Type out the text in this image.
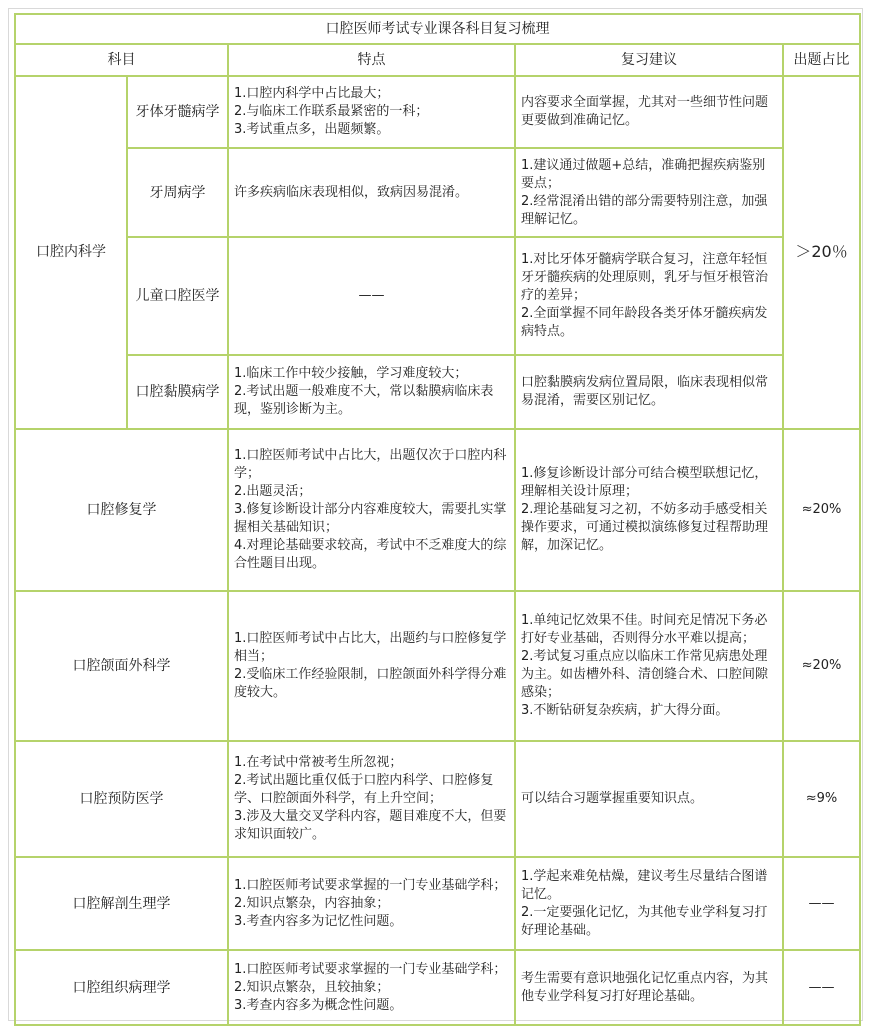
口腔医师考试专业课各科目复习梳理				
科目		特点	复习建议	出题占比
口腔内科学	牙体牙髓病学	1.口腔内科学中占比最大；
2.与临床工作联系最紧密的一科；
3.考试重点多，出题频繁。	内容要求全面掌握，尤其对一些细节性问题更要做到准确记忆。	＞20％
	牙周病学	许多疾病临床表现相似，致病因易混淆。	1.建议通过做题+总结，准确把握疾病鉴别要点；
2.经常混淆出错的部分需要特别注意，加强理解记忆。	
	儿童口腔医学	——	1.对比牙体牙髓病学联合复习，注意年轻恒牙牙髓疾病的处理原则，乳牙与恒牙根管治疗的差异；
2.全面掌握不同年龄段各类牙体牙髓疾病发病特点。	
	口腔黏膜病学	1.临床工作中较少接触，学习难度较大；
2.考试出题一般难度不大，常以黏膜病临床表现，鉴别诊断为主。	口腔黏膜病发病位置局限，临床表现相似常易混淆，需要区别记忆。	
口腔修复学		1.口腔医师考试中占比大，出题仅次于口腔内科学；
2.出题灵活；
3.修复诊断设计部分内容难度较大，需要扎实掌握相关基础知识；
4.对理论基础要求较高，考试中不乏难度大的综合性题目出现。	1.修复诊断设计部分可结合模型联想记忆，理解相关设计原理；
2.理论基础复习之初，不妨多动手感受相关操作要求，可通过模拟演练修复过程帮助理解，加深记忆。	≈20%
口腔颌面外科学		1.口腔医师考试中占比大，出题约与口腔修复学相当；
2.受临床工作经验限制，口腔颌面外科学得分难度较大。	1.单纯记忆效果不佳。时间充足情况下务必打好专业基础，否则得分水平难以提高；
2.考试复习重点应以临床工作常见病患处理为主。如齿槽外科、清创缝合术、口腔间隙感染；
3.不断钻研复杂疾病，扩大得分面。	≈20%
口腔预防医学		1.在考试中常被考生所忽视；
2.考试出题比重仅低于口腔内科学、口腔修复学、口腔颌面外科学，有上升空间；
3.涉及大量交叉学科内容，题目难度不大，但要求知识面较广。	可以结合习题掌握重要知识点。	≈9%
口腔解剖生理学		1.口腔医师考试要求掌握的一门专业基础学科；
2.知识点繁杂，内容抽象；
3.考查内容多为记忆性问题。	1.学起来难免枯燥，建议考生尽量结合图谱记忆。
2.一定要强化记忆，为其他专业学科复习打好理论基础。	——
口腔组织病理学		1.口腔医师考试要求掌握的一门专业基础学科；
2.知识点繁杂，且较抽象；
3.考查内容多为概念性问题。	考生需要有意识地强化记忆重点内容，为其他专业学科复习打好理论基础。	——
